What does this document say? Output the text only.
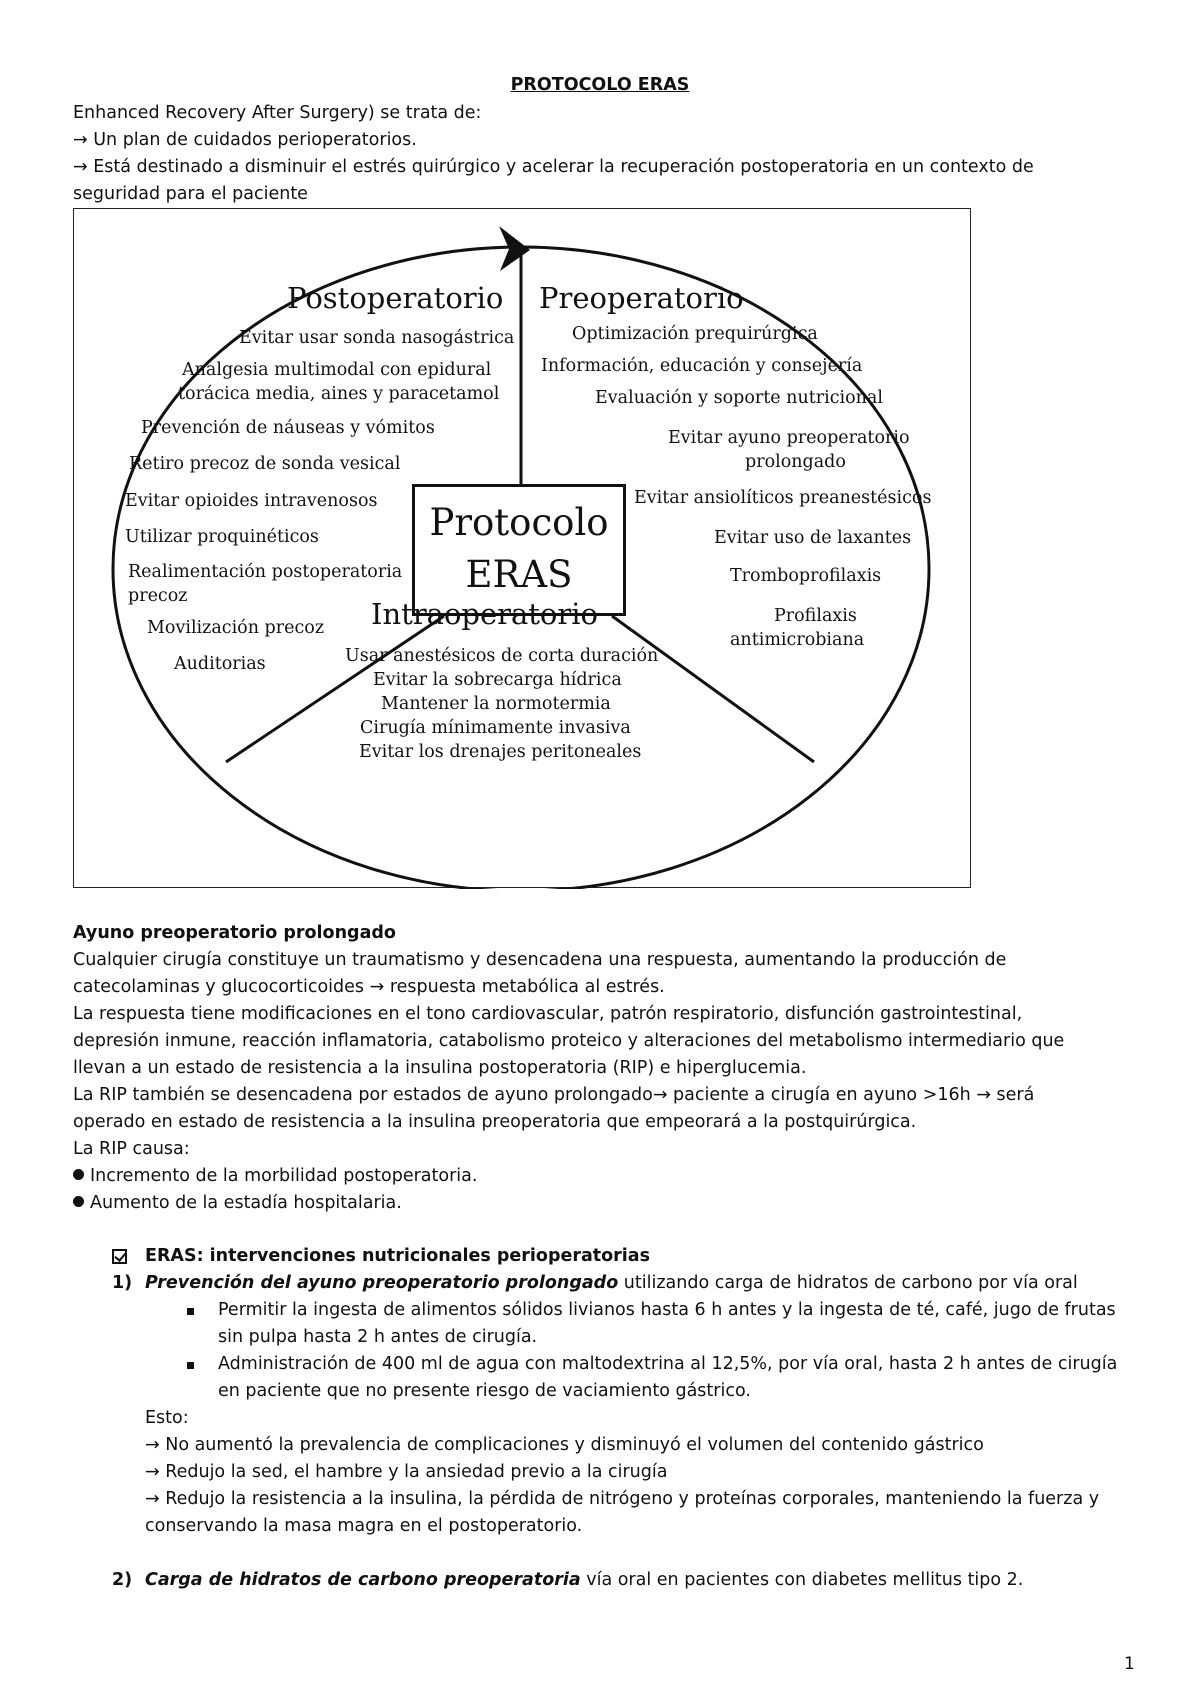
PROTOCOLO ERAS
Enhanced Recovery After Surgery) se trata de:
→ Un plan de cuidados perioperatorios.
→ Está destinado a disminuir el estrés quirúrgico y acelerar la recuperación postoperatoria en un contexto de
seguridad para el paciente
Protocolo
ERAS
Postoperatorio
Evitar usar sonda nasogástrica
Analgesia multimodal con epidural
torácica media, aines y paracetamol
Prevención de náuseas y vómitos
Retiro precoz de sonda vesical
Evitar opioides intravenosos
Utilizar proquinéticos
Realimentación postoperatoria
precoz
Movilización precoz
Auditorias
Preoperatorio
Optimización prequirúrgica
Información, educación y consejería
Evaluación y soporte nutricional
Evitar ayuno preoperatorio
prolongado
Evitar ansiolíticos preanestésicos
Evitar uso de laxantes
Tromboprofilaxis
Profilaxis
antimicrobiana
Intraoperatorio
Usar anestésicos de corta duración
Evitar la sobrecarga hídrica
Mantener la normotermia
Cirugía mínimamente invasiva
Evitar los drenajes peritoneales
Ayuno preoperatorio prolongado
Cualquier cirugía constituye un traumatismo y desencadena una respuesta, aumentando la producción de
catecolaminas y glucocorticoides → respuesta metabólica al estrés.
La respuesta tiene modificaciones en el tono cardiovascular, patrón respiratorio, disfunción gastrointestinal,
depresión inmune, reacción inflamatoria, catabolismo proteico y alteraciones del metabolismo intermediario que
llevan a un estado de resistencia a la insulina postoperatoria (RIP) e hiperglucemia.
La RIP también se desencadena por estados de ayuno prolongado→ paciente a cirugía en ayuno >16h → será
operado en estado de resistencia a la insulina preoperatoria que empeorará a la postquirúrgica.
La RIP causa:
Incremento de la morbilidad postoperatoria.
Aumento de la estadía hospitalaria.
ERAS: intervenciones nutricionales perioperatorias
1) Prevención del ayuno preoperatorio prolongado utilizando carga de hidratos de carbono por vía oral
Permitir la ingesta de alimentos sólidos livianos hasta 6 h antes y la ingesta de té, café, jugo de frutas
sin pulpa hasta 2 h antes de cirugía.
Administración de 400 ml de agua con maltodextrina al 12,5%, por vía oral, hasta 2 h antes de cirugía
en paciente que no presente riesgo de vaciamiento gástrico.
Esto:
→ No aumentó la prevalencia de complicaciones y disminuyó el volumen del contenido gástrico
→ Redujo la sed, el hambre y la ansiedad previo a la cirugía
→ Redujo la resistencia a la insulina, la pérdida de nitrógeno y proteínas corporales, manteniendo la fuerza y
conservando la masa magra en el postoperatorio.
2) Carga de hidratos de carbono preoperatoria vía oral en pacientes con diabetes mellitus tipo 2.
1
